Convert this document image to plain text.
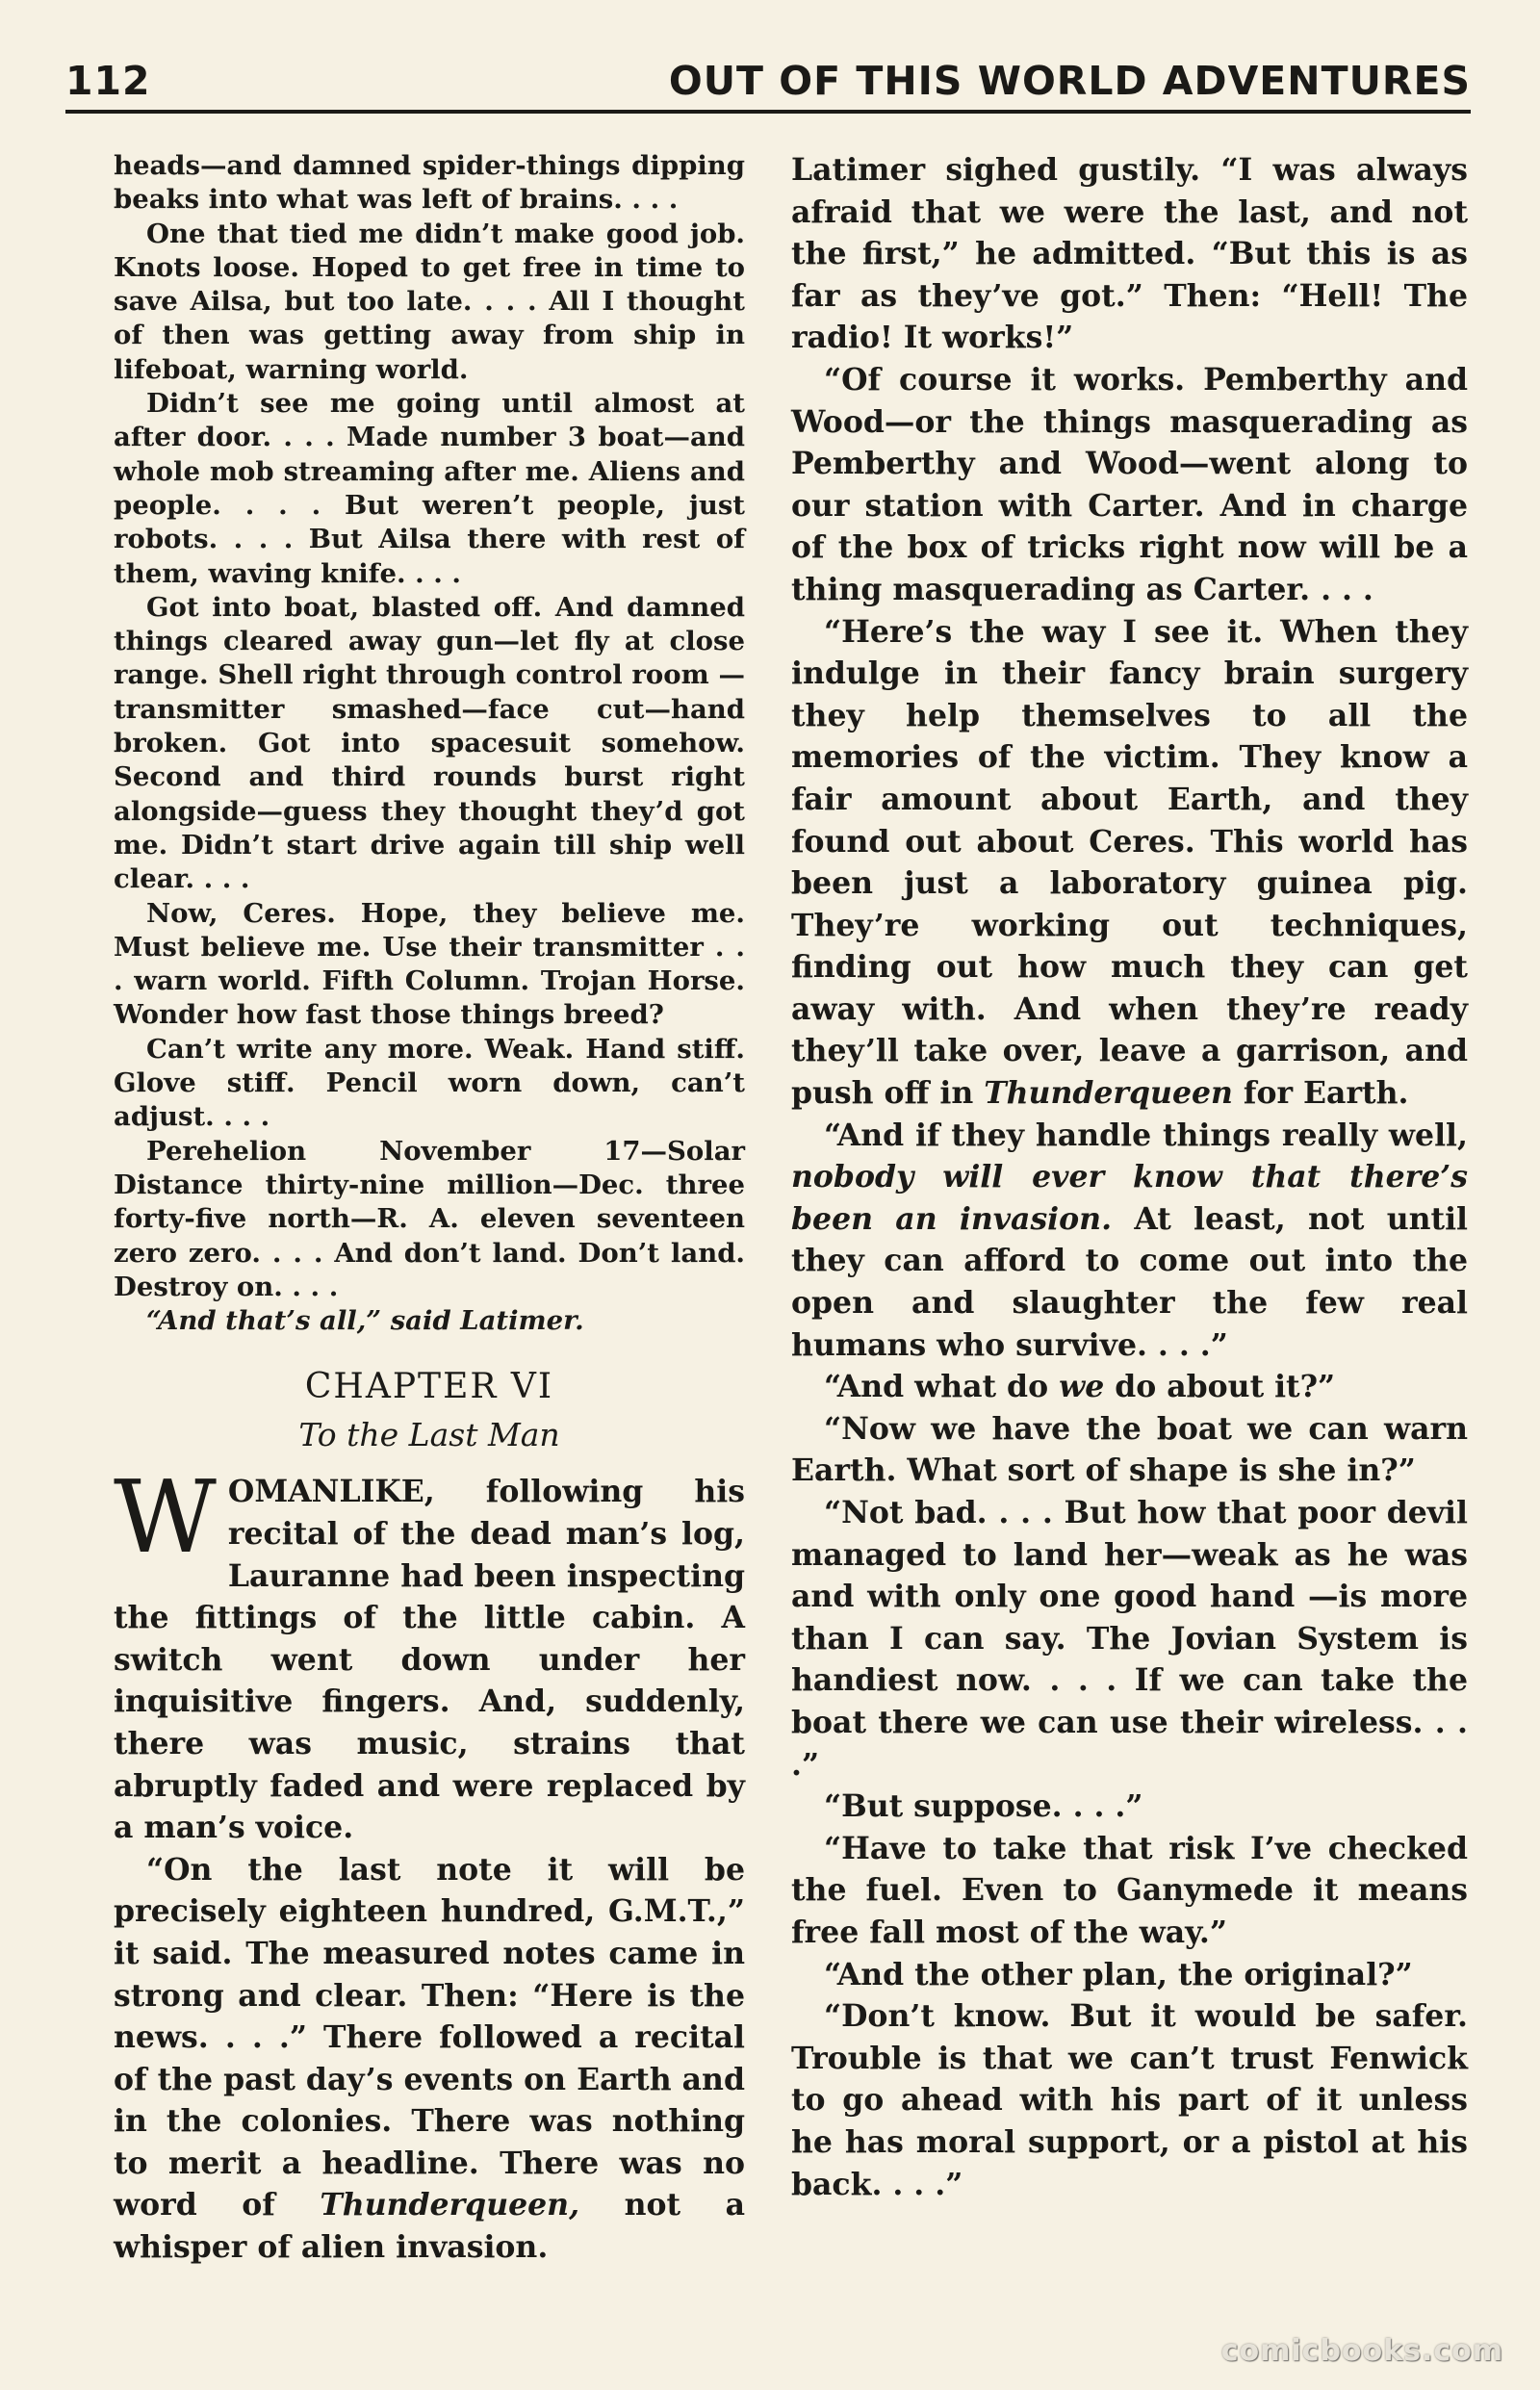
112	OUT OF THIS WORLD ADVENTURES

heads—and damned spider-things dipping beaks into what was left of brains. . . .

One that tied me didn’t make good job. Knots loose. Hoped to get free in time to save Ailsa, but too late. . . . All I thought of then was getting away from ship in lifeboat, warning world.

Didn’t see me going until almost at after door. . . . Made number 3 boat—and whole mob streaming after me. Aliens and people. . . . But weren’t people, just robots. . . . But Ailsa there with rest of them, waving knife. . . .

Got into boat, blasted off. And damned things cleared away gun—let fly at close range. Shell right through control room —transmitter smashed—face cut—hand broken. Got into spacesuit somehow. Second and third rounds burst right alongside—guess they thought they’d got me. Didn’t start drive again till ship well clear. . . .

Now, Ceres. Hope, they believe me. Must believe me. Use their transmitter . . . warn world. Fifth Column. Trojan Horse. Wonder how fast those things breed?

Can’t write any more. Weak. Hand stiff. Glove stiff. Pencil worn down, can’t adjust. . . .

Perehelion November 17—Solar Distance thirty-nine million—Dec. three forty-five north—R. A. eleven seventeen zero zero. . . . And don’t land. Don’t land. Destroy on. . . .

“And that’s all,” said Latimer.

CHAPTER VI
To the Last Man

WOMANLIKE, following his recital of the dead man’s log, Lauranne had been inspecting the fittings of the little cabin. A switch went down under her inquisitive fingers. And, suddenly, there was music, strains that abruptly faded and were replaced by a man’s voice.

“On the last note it will be precisely eighteen hundred, G.M.T.,” it said. The measured notes came in strong and clear. Then: “Here is the news. . . .” There followed a recital of the past day’s events on Earth and in the colonies. There was nothing to merit a headline. There was no word of Thunderqueen, not a whisper of alien invasion.

Latimer sighed gustily. “I was always afraid that we were the last, and not the first,” he admitted. “But this is as far as they’ve got.” Then: “Hell! The radio! It works!”

“Of course it works. Pemberthy and Wood—or the things masquerading as Pemberthy and Wood—went along to our station with Carter. And in charge of the box of tricks right now will be a thing masquerading as Carter. . . .

“Here’s the way I see it. When they indulge in their fancy brain surgery they help themselves to all the memories of the victim. They know a fair amount about Earth, and they found out about Ceres. This world has been just a laboratory guinea pig. They’re working out techniques, finding out how much they can get away with. And when they’re ready they’ll take over, leave a garrison, and push off in Thunderqueen for Earth.

“And if they handle things really well, nobody will ever know that there’s been an invasion. At least, not until they can afford to come out into the open and slaughter the few real humans who survive. . . .”

“And what do we do about it?”

“Now we have the boat we can warn Earth. What sort of shape is she in?”

“Not bad. . . . But how that poor devil managed to land her—weak as he was and with only one good hand —is more than I can say. The Jovian System is handiest now. . . . If we can take the boat there we can use their wireless. . . .”

“But suppose. . . .”

“Have to take that risk I’ve checked the fuel. Even to Ganymede it means free fall most of the way.”

“And the other plan, the original?”

“Don’t know. But it would be safer. Trouble is that we can’t trust Fenwick to go ahead with his part of it unless he has moral support, or a pistol at his back. . . .”

comicbooks.com
